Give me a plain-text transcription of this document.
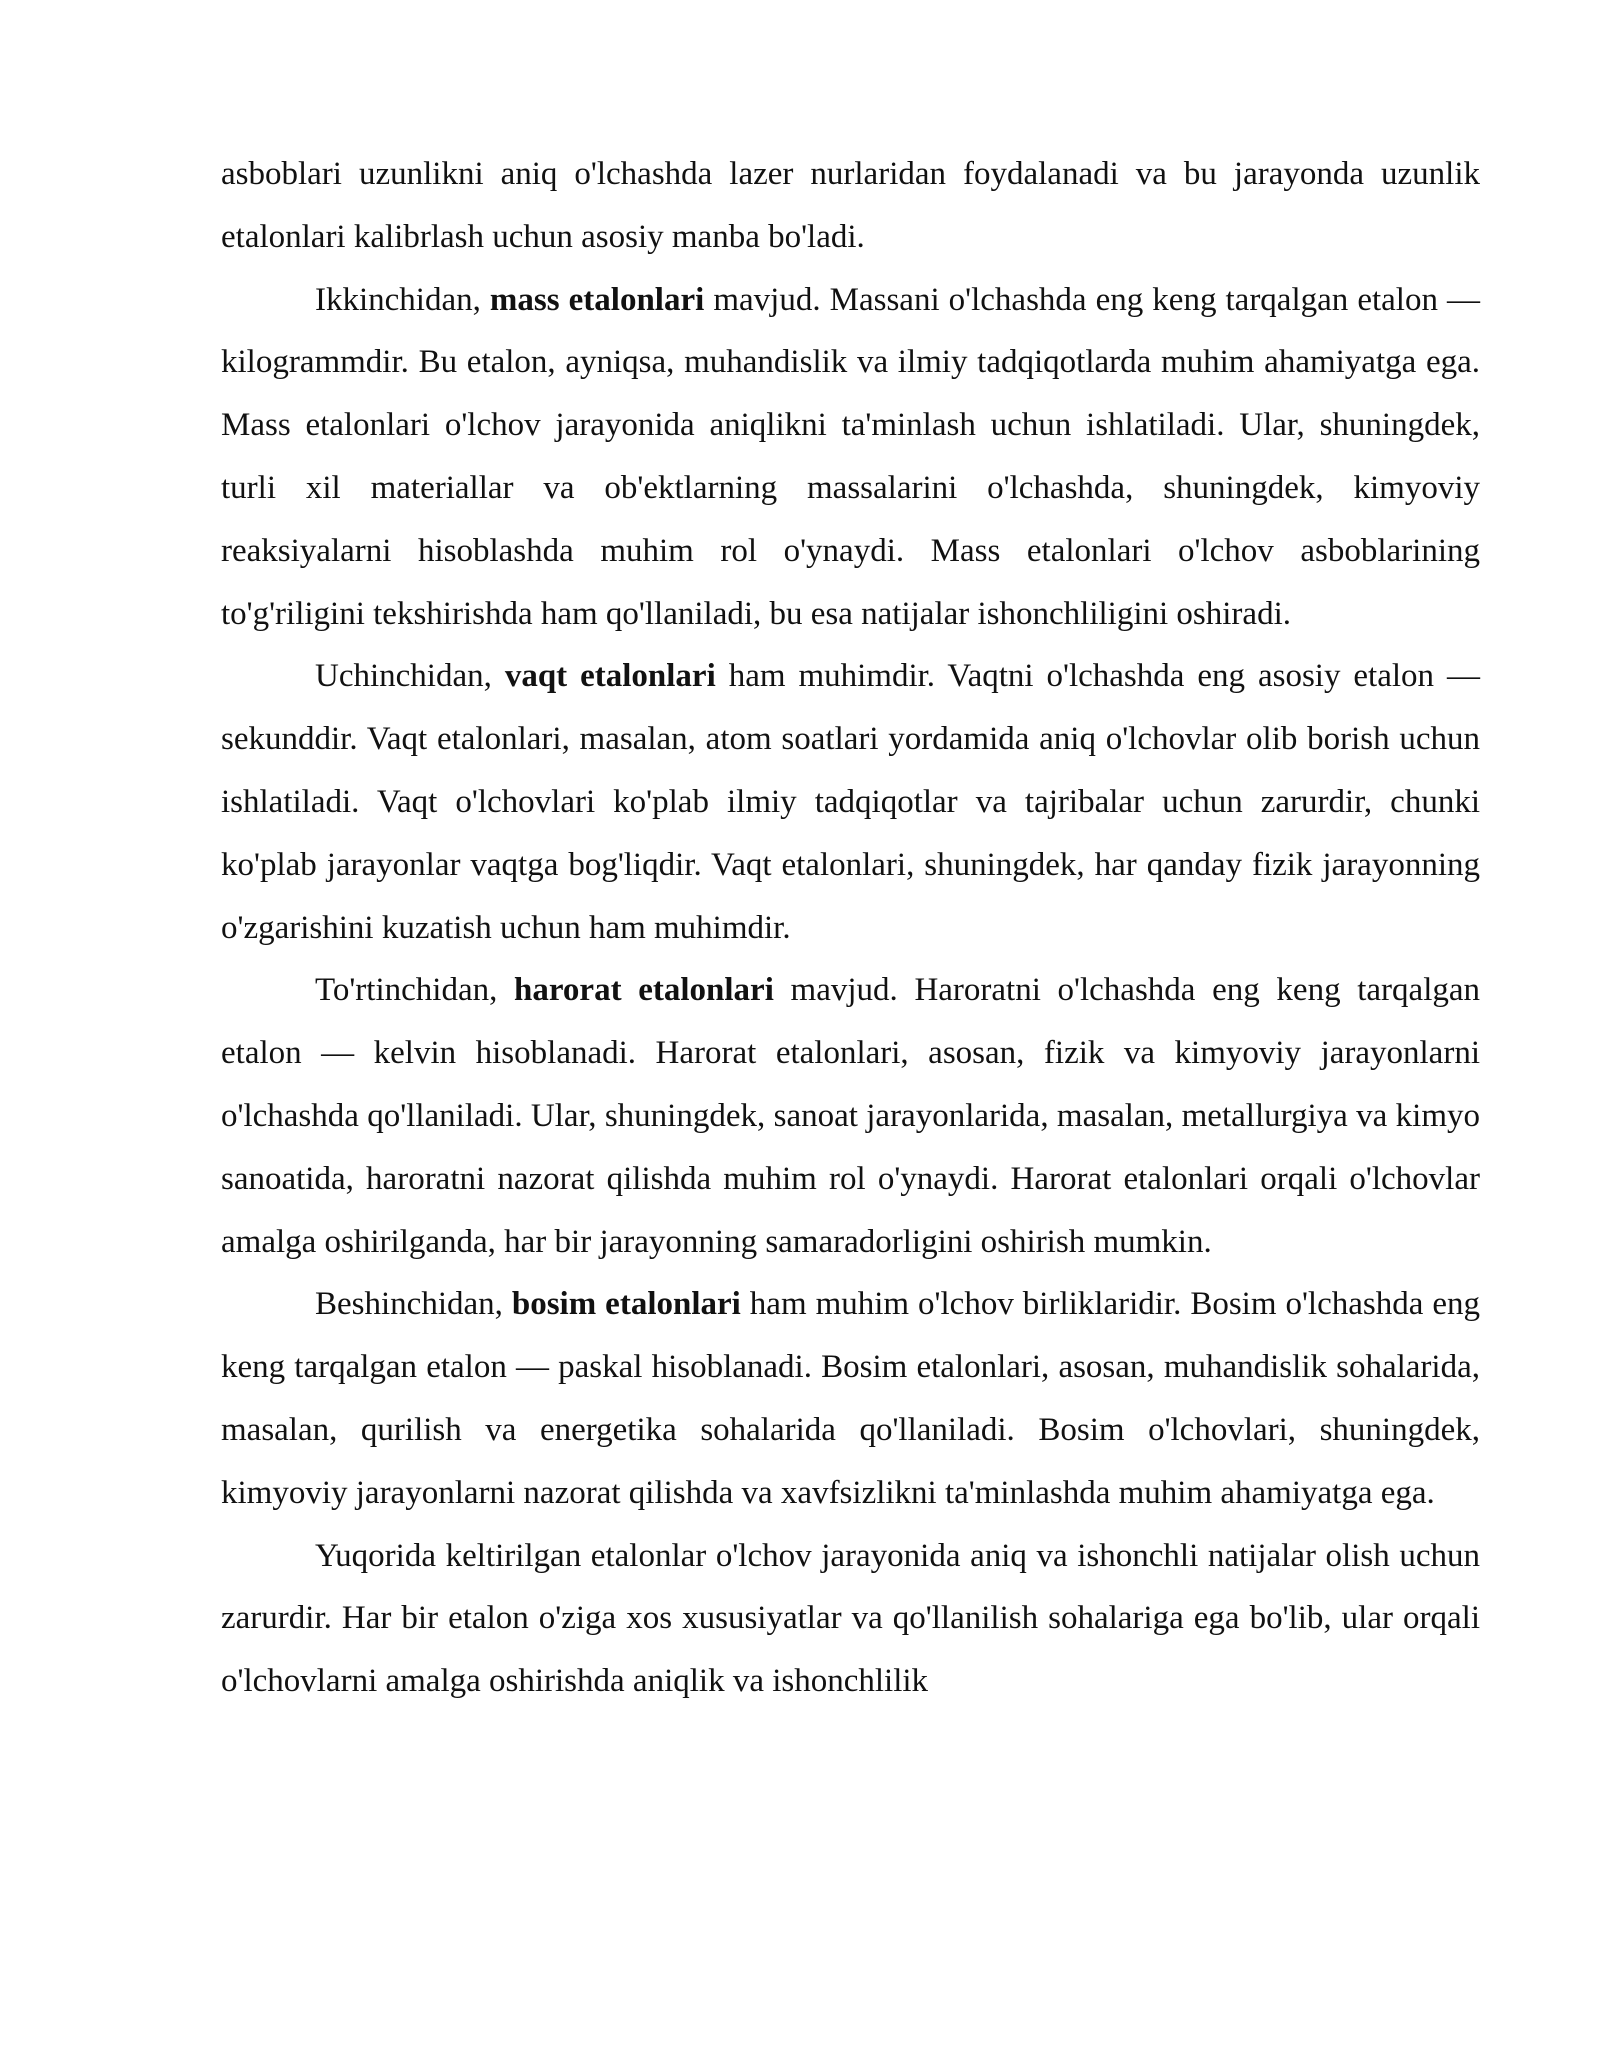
asboblari uzunlikni aniq o'lchashda lazer nurlaridan foydalanadi va bu jarayonda uzunlik etalonlari kalibrlash uchun asosiy manba bo'ladi.

Ikkinchidan, mass etalonlari mavjud. Massani o'lchashda eng keng tarqalgan etalon — kilogrammdir. Bu etalon, ayniqsa, muhandislik va ilmiy tadqiqotlarda muhim ahamiyatga ega. Mass etalonlari o'lchov jarayonida aniqlikni ta'minlash uchun ishlatiladi. Ular, shuningdek, turli xil materiallar va ob'ektlarning massalarini o'lchashda, shuningdek, kimyoviy reaksiyalarni hisoblashda muhim rol o'ynaydi. Mass etalonlari o'lchov asboblarining to'g'riligini tekshirishda ham qo'llaniladi, bu esa natijalar ishonchliligini oshiradi.

Uchinchidan, vaqt etalonlari ham muhimdir. Vaqtni o'lchashda eng asosiy etalon — sekunddir. Vaqt etalonlari, masalan, atom soatlari yordamida aniq o'lchovlar olib borish uchun ishlatiladi. Vaqt o'lchovlari ko'plab ilmiy tadqiqotlar va tajribalar uchun zarurdir, chunki ko'plab jarayonlar vaqtga bog'liqdir. Vaqt etalonlari, shuningdek, har qanday fizik jarayonning o'zgarishini kuzatish uchun ham muhimdir.

To'rtinchidan, harorat etalonlari mavjud. Haroratni o'lchashda eng keng tarqalgan etalon — kelvin hisoblanadi. Harorat etalonlari, asosan, fizik va kimyoviy jarayonlarni o'lchashda qo'llaniladi. Ular, shuningdek, sanoat jarayonlarida, masalan, metallurgiya va kimyo sanoatida, haroratni nazorat qilishda muhim rol o'ynaydi. Harorat etalonlari orqali o'lchovlar amalga oshirilganda, har bir jarayonning samaradorligini oshirish mumkin.

Beshinchidan, bosim etalonlari ham muhim o'lchov birliklaridir. Bosim o'lchashda eng keng tarqalgan etalon — paskal hisoblanadi. Bosim etalonlari, asosan, muhandislik sohalarida, masalan, qurilish va energetika sohalarida qo'llaniladi. Bosim o'lchovlari, shuningdek, kimyoviy jarayonlarni nazorat qilishda va xavfsizlikni ta'minlashda muhim ahamiyatga ega.

Yuqorida keltirilgan etalonlar o'lchov jarayonida aniq va ishonchli natijalar olish uchun zarurdir. Har bir etalon o'ziga xos xususiyatlar va qo'llanilish sohalariga ega bo'lib, ular orqali o'lchovlarni amalga oshirishda aniqlik va ishonchlilik
